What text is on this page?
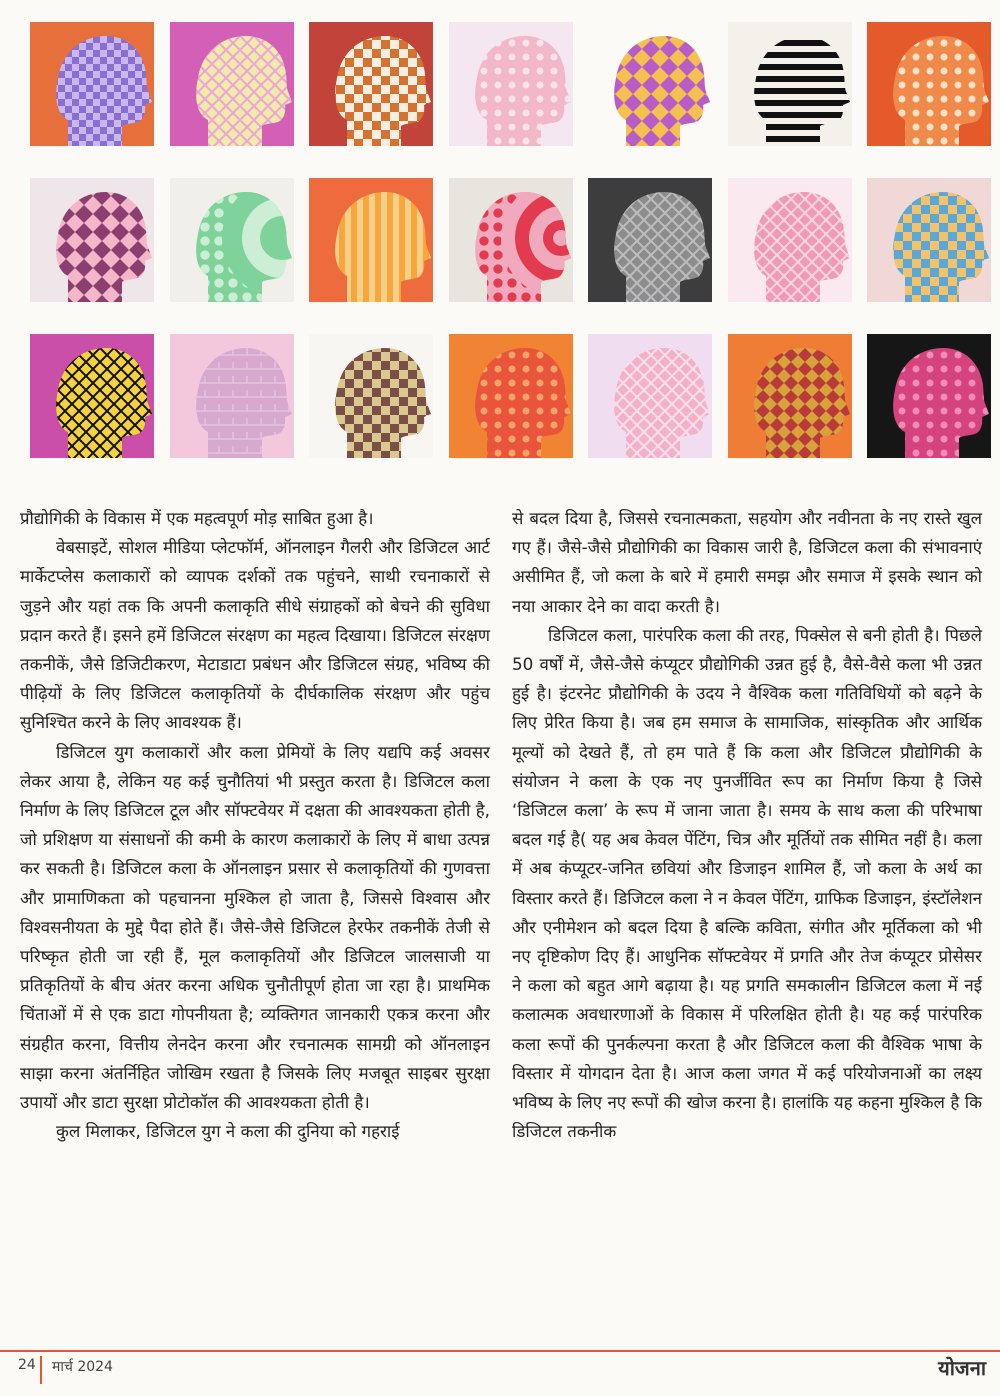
प्रौद्योगिकी के विकास में एक महत्वपूर्ण मोड़ साबित हुआ है।

वेबसाइटें, सोशल मीडिया प्लेटफॉर्म, ऑनलाइन गैलरी और डिजिटल आर्ट मार्केटप्लेस कलाकारों को व्यापक दर्शकों तक पहुंचने, साथी रचनाकारों से जुड़ने और यहां तक कि अपनी कलाकृति सीधे संग्राहकों को बेचने की सुविधा प्रदान करते हैं। इसने हमें डिजिटल संरक्षण का महत्व दिखाया। डिजिटल संरक्षण तकनीकें, जैसे डिजिटीकरण, मेटाडाटा प्रबंधन और डिजिटल संग्रह, भविष्य की पीढ़ियों के लिए डिजिटल कलाकृतियों के दीर्घकालिक संरक्षण और पहुंच सुनिश्चित करने के लिए आवश्यक हैं।

डिजिटल युग कलाकारों और कला प्रेमियों के लिए यद्यपि कई अवसर लेकर आया है, लेकिन यह कई चुनौतियां भी प्रस्तुत करता है। डिजिटल कला निर्माण के लिए डिजिटल टूल और सॉफ्टवेयर में दक्षता की आवश्यकता होती है, जो प्रशिक्षण या संसाधनों की कमी के कारण कलाकारों के लिए में बाधा उत्पन्न कर सकती है। डिजिटल कला के ऑनलाइन प्रसार से कलाकृतियों की गुणवत्ता और प्रामाणिकता को पहचानना मुश्किल हो जाता है, जिससे विश्वास और विश्वसनीयता के मुद्दे पैदा होते हैं। जैसे-जैसे डिजिटल हेरफेर तकनीकें तेजी से परिष्कृत होती जा रही हैं, मूल कलाकृतियों और डिजिटल जालसाजी या प्रतिकृतियों के बीच अंतर करना अधिक चुनौतीपूर्ण होता जा रहा है। प्राथमिक चिंताओं में से एक डाटा गोपनीयता है; व्यक्तिगत जानकारी एकत्र करना और संग्रहीत करना, वित्तीय लेनदेन करना और रचनात्मक सामग्री को ऑनलाइन साझा करना अंतर्निहित जोखिम रखता है जिसके लिए मजबूत साइबर सुरक्षा उपायों और डाटा सुरक्षा प्रोटोकॉल की आवश्यकता होती है।

कुल मिलाकर, डिजिटल युग ने कला की दुनिया को गहराई

से बदल दिया है, जिससे रचनात्मकता, सहयोग और नवीनता के नए रास्ते खुल गए हैं। जैसे-जैसे प्रौद्योगिकी का विकास जारी है, डिजिटल कला की संभावनाएं असीमित हैं, जो कला के बारे में हमारी समझ और समाज में इसके स्थान को नया आकार देने का वादा करती है।

डिजिटल कला, पारंपरिक कला की तरह, पिक्सेल से बनी होती है। पिछले 50 वर्षों में, जैसे-जैसे कंप्यूटर प्रौद्योगिकी उन्नत हुई है, वैसे-वैसे कला भी उन्नत हुई है। इंटरनेट प्रौद्योगिकी के उदय ने वैश्विक कला गतिविधियों को बढ़ने के लिए प्रेरित किया है। जब हम समाज के सामाजिक, सांस्कृतिक और आर्थिक मूल्यों को देखते हैं, तो हम पाते हैं कि कला और डिजिटल प्रौद्योगिकी के संयोजन ने कला के एक नए पुनर्जीवित रूप का निर्माण किया है जिसे ‘डिजिटल कला’ के रूप में जाना जाता है। समय के साथ कला की परिभाषा बदल गई है( यह अब केवल पेंटिंग, चित्र और मूर्तियों तक सीमित नहीं है। कला में अब कंप्यूटर-जनित छवियां और डिजाइन शामिल हैं, जो कला के अर्थ का विस्तार करते हैं। डिजिटल कला ने न केवल पेंटिंग, ग्राफिक डिजाइन, इंस्टॉलेशन और एनीमेशन को बदल दिया है बल्कि कविता, संगीत और मूर्तिकला को भी नए दृष्टिकोण दिए हैं। आधुनिक सॉफ्टवेयर में प्रगति और तेज कंप्यूटर प्रोसेसर ने कला को बहुत आगे बढ़ाया है। यह प्रगति समकालीन डिजिटल कला में नई कलात्मक अवधारणाओं के विकास में परिलक्षित होती है। यह कई पारंपरिक कला रूपों की पुनर्कल्पना करता है और डिजिटल कला की वैश्विक भाषा के विस्तार में योगदान देता है। आज कला जगत में कई परियोजनाओं का लक्ष्य भविष्य के लिए नए रूपों की खोज करना है। हालांकि यह कहना मुश्किल है कि डिजिटल तकनीक

24 मार्च 2024	योजना
